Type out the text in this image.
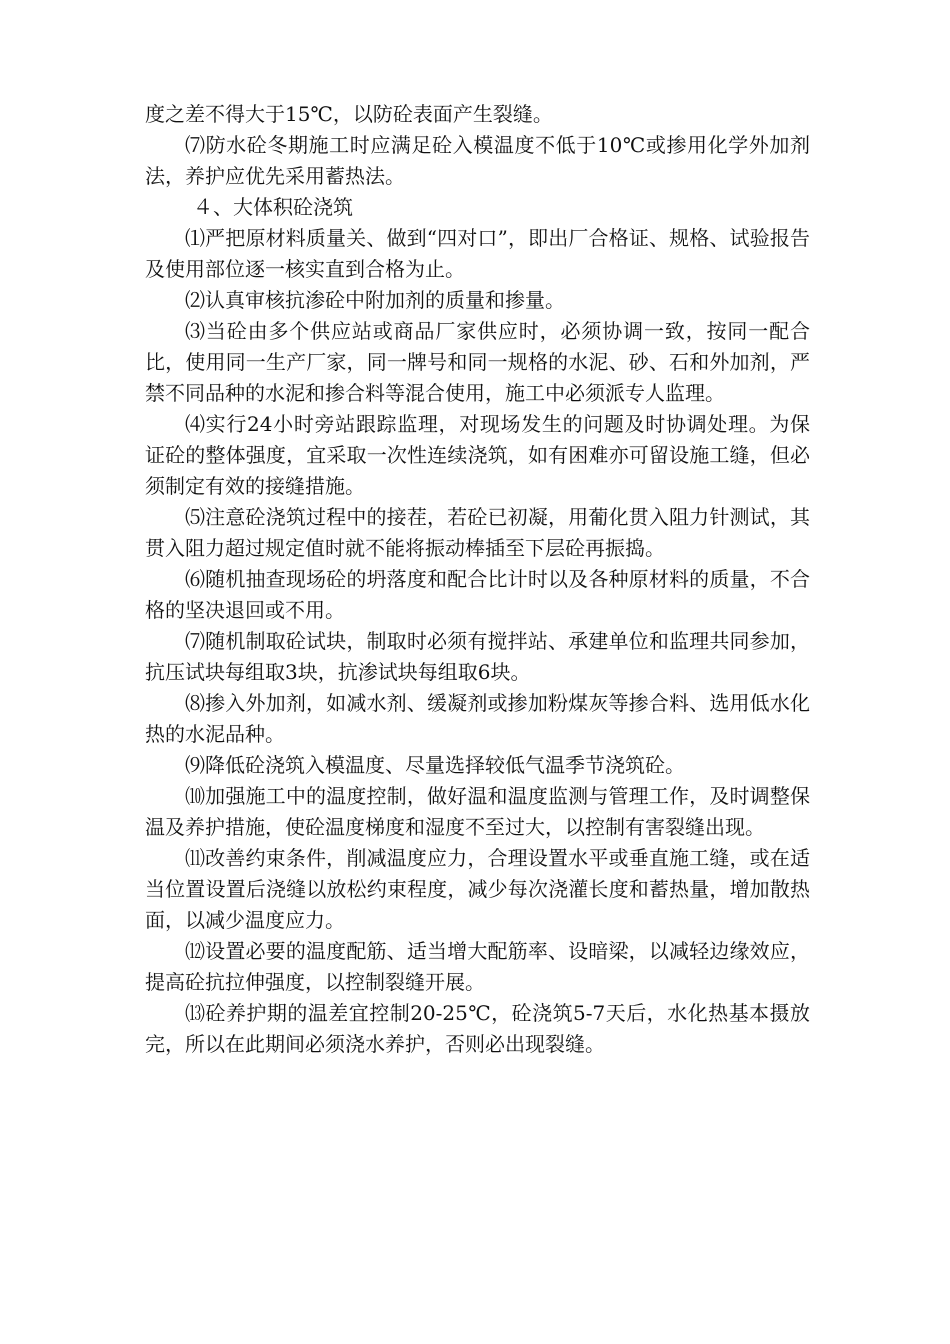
度之差不得大于15℃，以防砼表面产生裂缝。

⑺防水砼冬期施工时应满足砼入模温度不低于10℃或掺用化学外加剂法，养护应优先采用蓄热法。

４、大体积砼浇筑

⑴严把原材料质量关、做到“四对口”，即出厂合格证、规格、试验报告及使用部位逐一核实直到合格为止。

⑵认真审核抗渗砼中附加剂的质量和掺量。

⑶当砼由多个供应站或商品厂家供应时，必须协调一致，按同一配合比，使用同一生产厂家，同一牌号和同一规格的水泥、砂、石和外加剂，严禁不同品种的水泥和掺合料等混合使用，施工中必须派专人监理。

⑷实行24小时旁站跟踪监理，对现场发生的问题及时协调处理。为保证砼的整体强度，宜采取一次性连续浇筑，如有困难亦可留设施工缝，但必须制定有效的接缝措施。

⑸注意砼浇筑过程中的接茬，若砼已初凝，用葡化贯入阻力针测试，其贯入阻力超过规定值时就不能将振动棒插至下层砼再振捣。

⑹随机抽查现场砼的坍落度和配合比计时以及各种原材料的质量，不合格的坚决退回或不用。

⑺随机制取砼试块，制取时必须有搅拌站、承建单位和监理共同参加，抗压试块每组取3块，抗渗试块每组取6块。

⑻掺入外加剂，如减水剂、缓凝剂或掺加粉煤灰等掺合料、选用低水化热的水泥品种。

⑼降低砼浇筑入模温度、尽量选择较低气温季节浇筑砼。

⑽加强施工中的温度控制，做好温和温度监测与管理工作，及时调整保温及养护措施，使砼温度梯度和湿度不至过大，以控制有害裂缝出现。

⑾改善约束条件，削减温度应力，合理设置水平或垂直施工缝，或在适当位置设置后浇缝以放松约束程度，减少每次浇灌长度和蓄热量，增加散热面，以减少温度应力。

⑿设置必要的温度配筋、适当增大配筋率、设暗梁，以减轻边缘效应，提高砼抗拉伸强度，以控制裂缝开展。

⒀砼养护期的温差宜控制20-25℃，砼浇筑5-7天后，水化热基本摄放完，所以在此期间必须浇水养护，否则必出现裂缝。
